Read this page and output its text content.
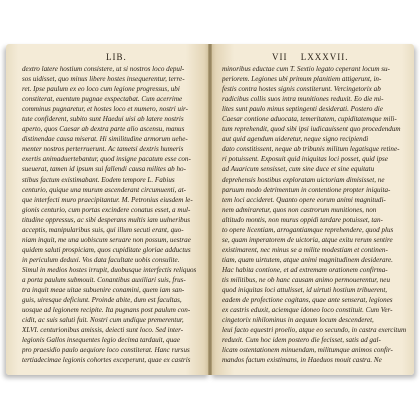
LIB.
dextro latere hostium consistere, ut si nostros loco depul-
sos uidisset, quo minus libere hostes insequerentur, terre-
ret. Ipse paulum ex eo loco cum legione progressus, ubi
constiterat, euentum pugnae exspectabat. Cum acerrime
comminus pugnaretur, et hostes loco et numero, nostri uir-
tute confiderent, subito sunt Haedui uisi ab latere nostris
aperto, quos Caesar ab dextra parte alio ascensu, manus
distinendae causa miserat. Hi similitudine armorum uehe-
menter nostros perterruerunt. Ac tametsi dextris humeris
exertis animaduertebantur, quod insigne pacatum esse con-
sueuerat, tamen id ipsum sui fallendi causa milites ab ho-
stibus factum existimabant. Eodem tempore L. Fabius
centurio, quique una murum ascenderant circumuenti, at-
que interfecti muro praecipitantur. M. Petronius eiusdem le-
gionis centurio, cum portas excindere conatus esset, a mul-
titudine oppressus, ac sibi desperans multis iam uulneribus
acceptis, manipularibus suis, qui illum secuti erant, quo-
niam inquit, me una uobiscum seruare non possum, uestrae
quidem saluti prospiciam, quos cupiditate gloriae adductus
in periculum deduxi. Vos data facultate uobis consulite.
Simul in medios hostes irrupit, duobusque interfectis reliquos
a porta paulum submouit. Conantibus auxiliari suis, frus-
tra inquit meae uitae subuenire conamini, quem iam san-
guis, uiresque deficiunt. Proinde abite, dum est facultas,
uosque ad legionem recipite. Ita pugnans post paulum con-
cidit, ac suis saluti fuit. Nostri cum undique premerentur,
XLVI. centurionibus amissis, deiecti sunt loco. Sed inter-
legionis Gallos insequentes legio decima tardauit, quae
pro praesidio paulo aequiore loco constiterat. Hanc rursus
tertiadecimae legionis cohortes exceperunt, quae ex castris
VII LXXXVII.
minoribus eductae cum T. Sextio legato ceperant locum su-
periorem. Legiones ubi primum planitiem attigerunt, in-
festis contra hostes signis constiterunt. Vercingetorix ab
radicibus collis suos intra munitiones reduxit. Eo die mi-
lites sunt paulo minus septingenti desiderati. Postero die
Caesar contione aduocata, temeritatem, cupiditatemque mili-
tum reprehendit, quod sibi ipsi iudicauissent quo procedendum
aut quid agendum uideretur, neque signo recipiendi
dato constitissent, neque ab tribunis militum legatisque retine-
ri potuissent. Exposuit quid iniquitas loci posset, quid ipse
ad Auaricum sensisset, cum sine duce et sine equitatu
deprehensis hostibus exploratam uictoriam dimisisset, ne
paruum modo detrimentum in contentione propter iniquita-
tem loci accideret. Quanto opere eorum animi magnitudi-
nem admiraretur, quos non castrorum munitiones, non
altitudo montis, non murus oppidi tardare potuisset, tan-
to opere licentiam, arrogantiamque reprehendere, quod plus
se, quam imperatorem de uictoria, atque exitu rerum sentire
existimarent, nec minus se a milite modestiam et continen-
tiam, quam uirtutem, atque animi magnitudinem desiderare.
Hac habita contione, et ad extremam orationem confirma-
tis militibus, ne ob hanc causam animo permouerentur, neu
quod iniquitas loci attulisset, id uirtuti hostium tribuerent,
eadem de profectione cogitans, quae ante senserat, legiones
ex castris eduxit, aciemque idoneo loco constituit. Cum Ver-
cingetorix nihilominus in aequum locum descenderet,
leui facto equestri proelio, atque eo secundo, in castra exercitum
reduxit. Cum hoc idem postero die fecisset, satis ad gal-
licam ostentationem minuendam, militumque animos confir-
mandos factum existimans, in Haeduos mouit castra. Ne
